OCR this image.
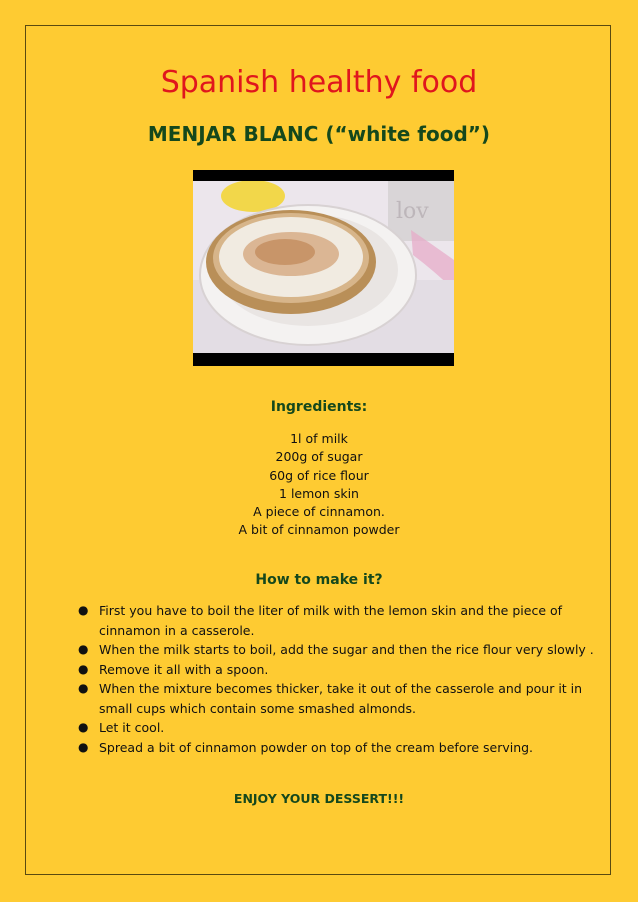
Spanish healthy food
MENJAR BLANC (“white food”)
lov
Ingredients:
1l of milk
200g of sugar
60g of rice flour
1 lemon skin
A piece of cinnamon.
A bit of cinnamon powder
How to make it?
● First you have to boil the liter of milk with the lemon skin and the piece of cinnamon in a casserole.
● When the milk starts to boil, add the sugar and then the rice flour very slowly .
● Remove it all with a spoon.
● When the mixture becomes thicker, take it out of the casserole and pour it in small cups which contain some smashed almonds.
● Let it cool.
● Spread a bit of cinnamon powder on top of the cream before serving.
ENJOY YOUR DESSERT!!!
